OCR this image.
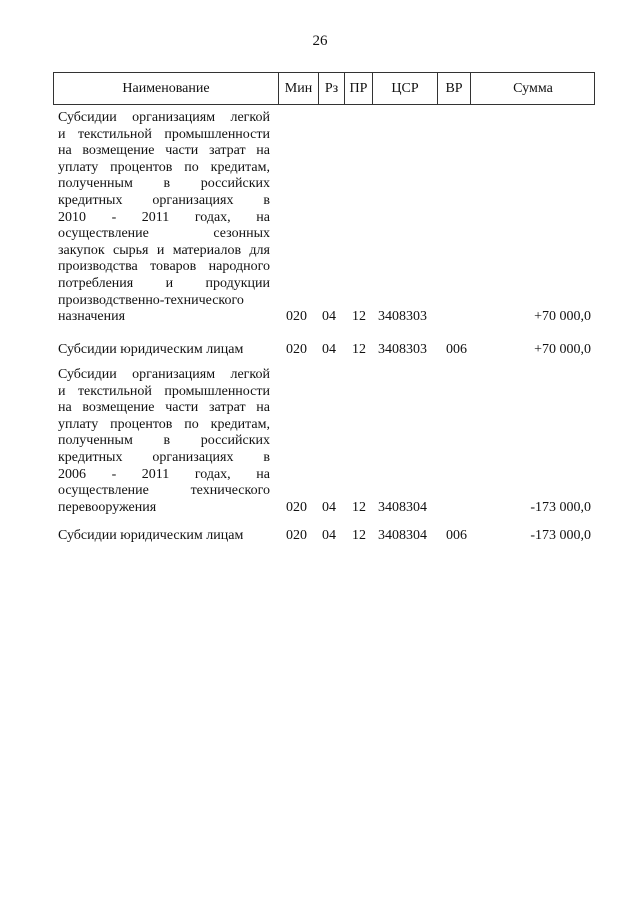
26
Наименование	Мин Рз ПР	ЦСР	ВР	Сумма
Субсидии организациям легкой
и текстильной промышленности
на возмещение части затрат на
уплату процентов по кредитам,
полученным в российских
кредитных организациях в
2010 - 2011 годах, на
осуществление	сезонных
закупок сырья и материалов для
производства товаров народного
потребления и продукции
производственно-технического
назначения	020 04 12 3408303	+70 000,0
Субсидии юридическим лицам	020 04 12 3408303 006	+70 000,0
Субсидии организациям легкой
и текстильной промышленности
на возмещение части затрат на
уплату процентов по кредитам,
полученным в российских
кредитных организациях в
2006 - 2011 годах, на
осуществление	технического
перевооружения	020 04 12 3408304	-173 000,0
Субсидии юридическим лицам	020 04 12 3408304 006	-173 000,0
